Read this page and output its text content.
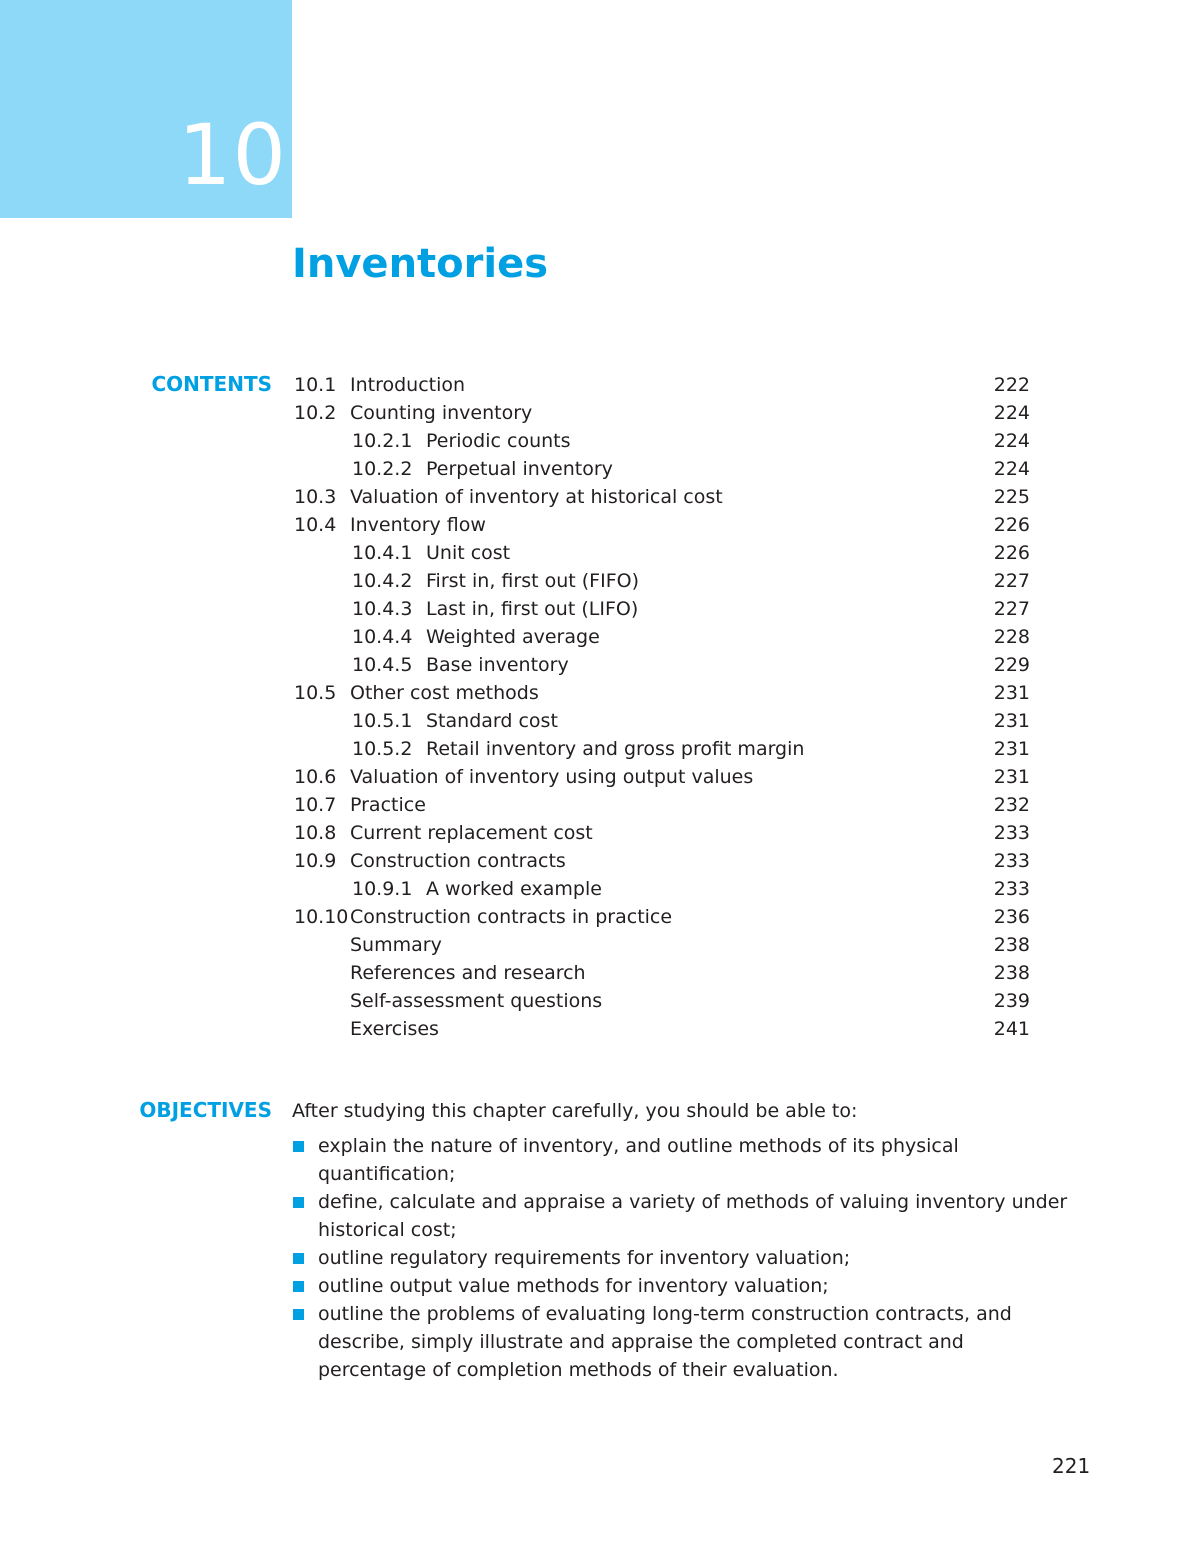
10
Inventories
CONTENTS 10.1 Introduction	222
10.2 Counting inventory	224
10.2.1 Periodic counts	224
10.2.2 Perpetual inventory	224
10.3 Valuation of inventory at historical cost	225
10.4 Inventory flow	226
10.4.1 Unit cost	226
10.4.2 First in, first out (FIFO)	227
10.4.3 Last in, first out (LIFO)	227
10.4.4 Weighted average	228
10.4.5 Base inventory	229
10.5 Other cost methods	231
10.5.1 Standard cost	231
10.5.2 Retail inventory and gross profit margin	231
10.6 Valuation of inventory using output values	231
10.7 Practice	232
10.8 Current replacement cost	233
10.9 Construction contracts	233
10.9.1 A worked example	233
10.10 Construction contracts in practice	236
Summary	238
References and research	238
Self-assessment questions	239
Exercises	241
OBJECTIVES After studying this chapter carefully, you should be able to:

explain the nature of inventory, and outline methods of its physical quantification;
define, calculate and appraise a variety of methods of valuing inventory under historical cost;
outline regulatory requirements for inventory valuation;
outline output value methods for inventory valuation;
outline the problems of evaluating long-term construction contracts, and describe, simply illustrate and appraise the completed contract and percentage of completion methods of their evaluation.
221
